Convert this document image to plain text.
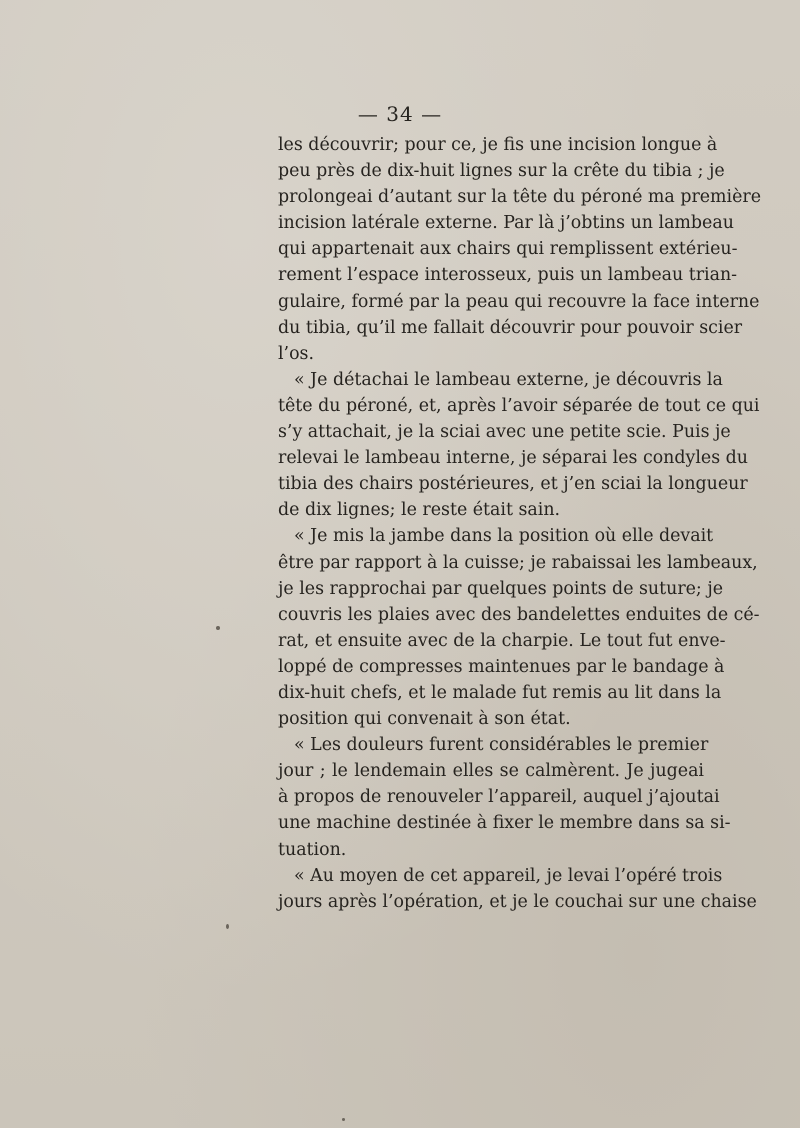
— 34 —
les découvrir; pour ce, je fis une incision longue à
peu près de dix-huit lignes sur la crête du tibia ; je
prolongeai d’autant sur la tête du péroné ma première
incision latérale externe. Par là j’obtins un lambeau
qui appartenait aux chairs qui remplissent extérieu-
rement l’espace interosseux, puis un lambeau trian-
gulaire, formé par la peau qui recouvre la face interne
du tibia, qu’il me fallait découvrir pour pouvoir scier
l’os.
« Je détachai le lambeau externe, je découvris la
tête du péroné, et, après l’avoir séparée de tout ce qui
s’y attachait, je la sciai avec une petite scie. Puis je
relevai le lambeau interne, je séparai les condyles du
tibia des chairs postérieures, et j’en sciai la longueur
de dix lignes; le reste était sain.
« Je mis la jambe dans la position où elle devait
être par rapport à la cuisse; je rabaissai les lambeaux,
je les rapprochai par quelques points de suture; je
couvris les plaies avec des bandelettes enduites de cé-
rat, et ensuite avec de la charpie. Le tout fut enve-
loppé de compresses maintenues par le bandage à
dix-huit chefs, et le malade fut remis au lit dans la
position qui convenait à son état.
« Les douleurs furent considérables le premier
jour ; le lendemain elles se calmèrent. Je jugeai
à propos de renouveler l’appareil, auquel j’ajoutai
une machine destinée à fixer le membre dans sa si-
tuation.
« Au moyen de cet appareil, je levai l’opéré trois
jours après l’opération, et je le couchai sur une chaise
